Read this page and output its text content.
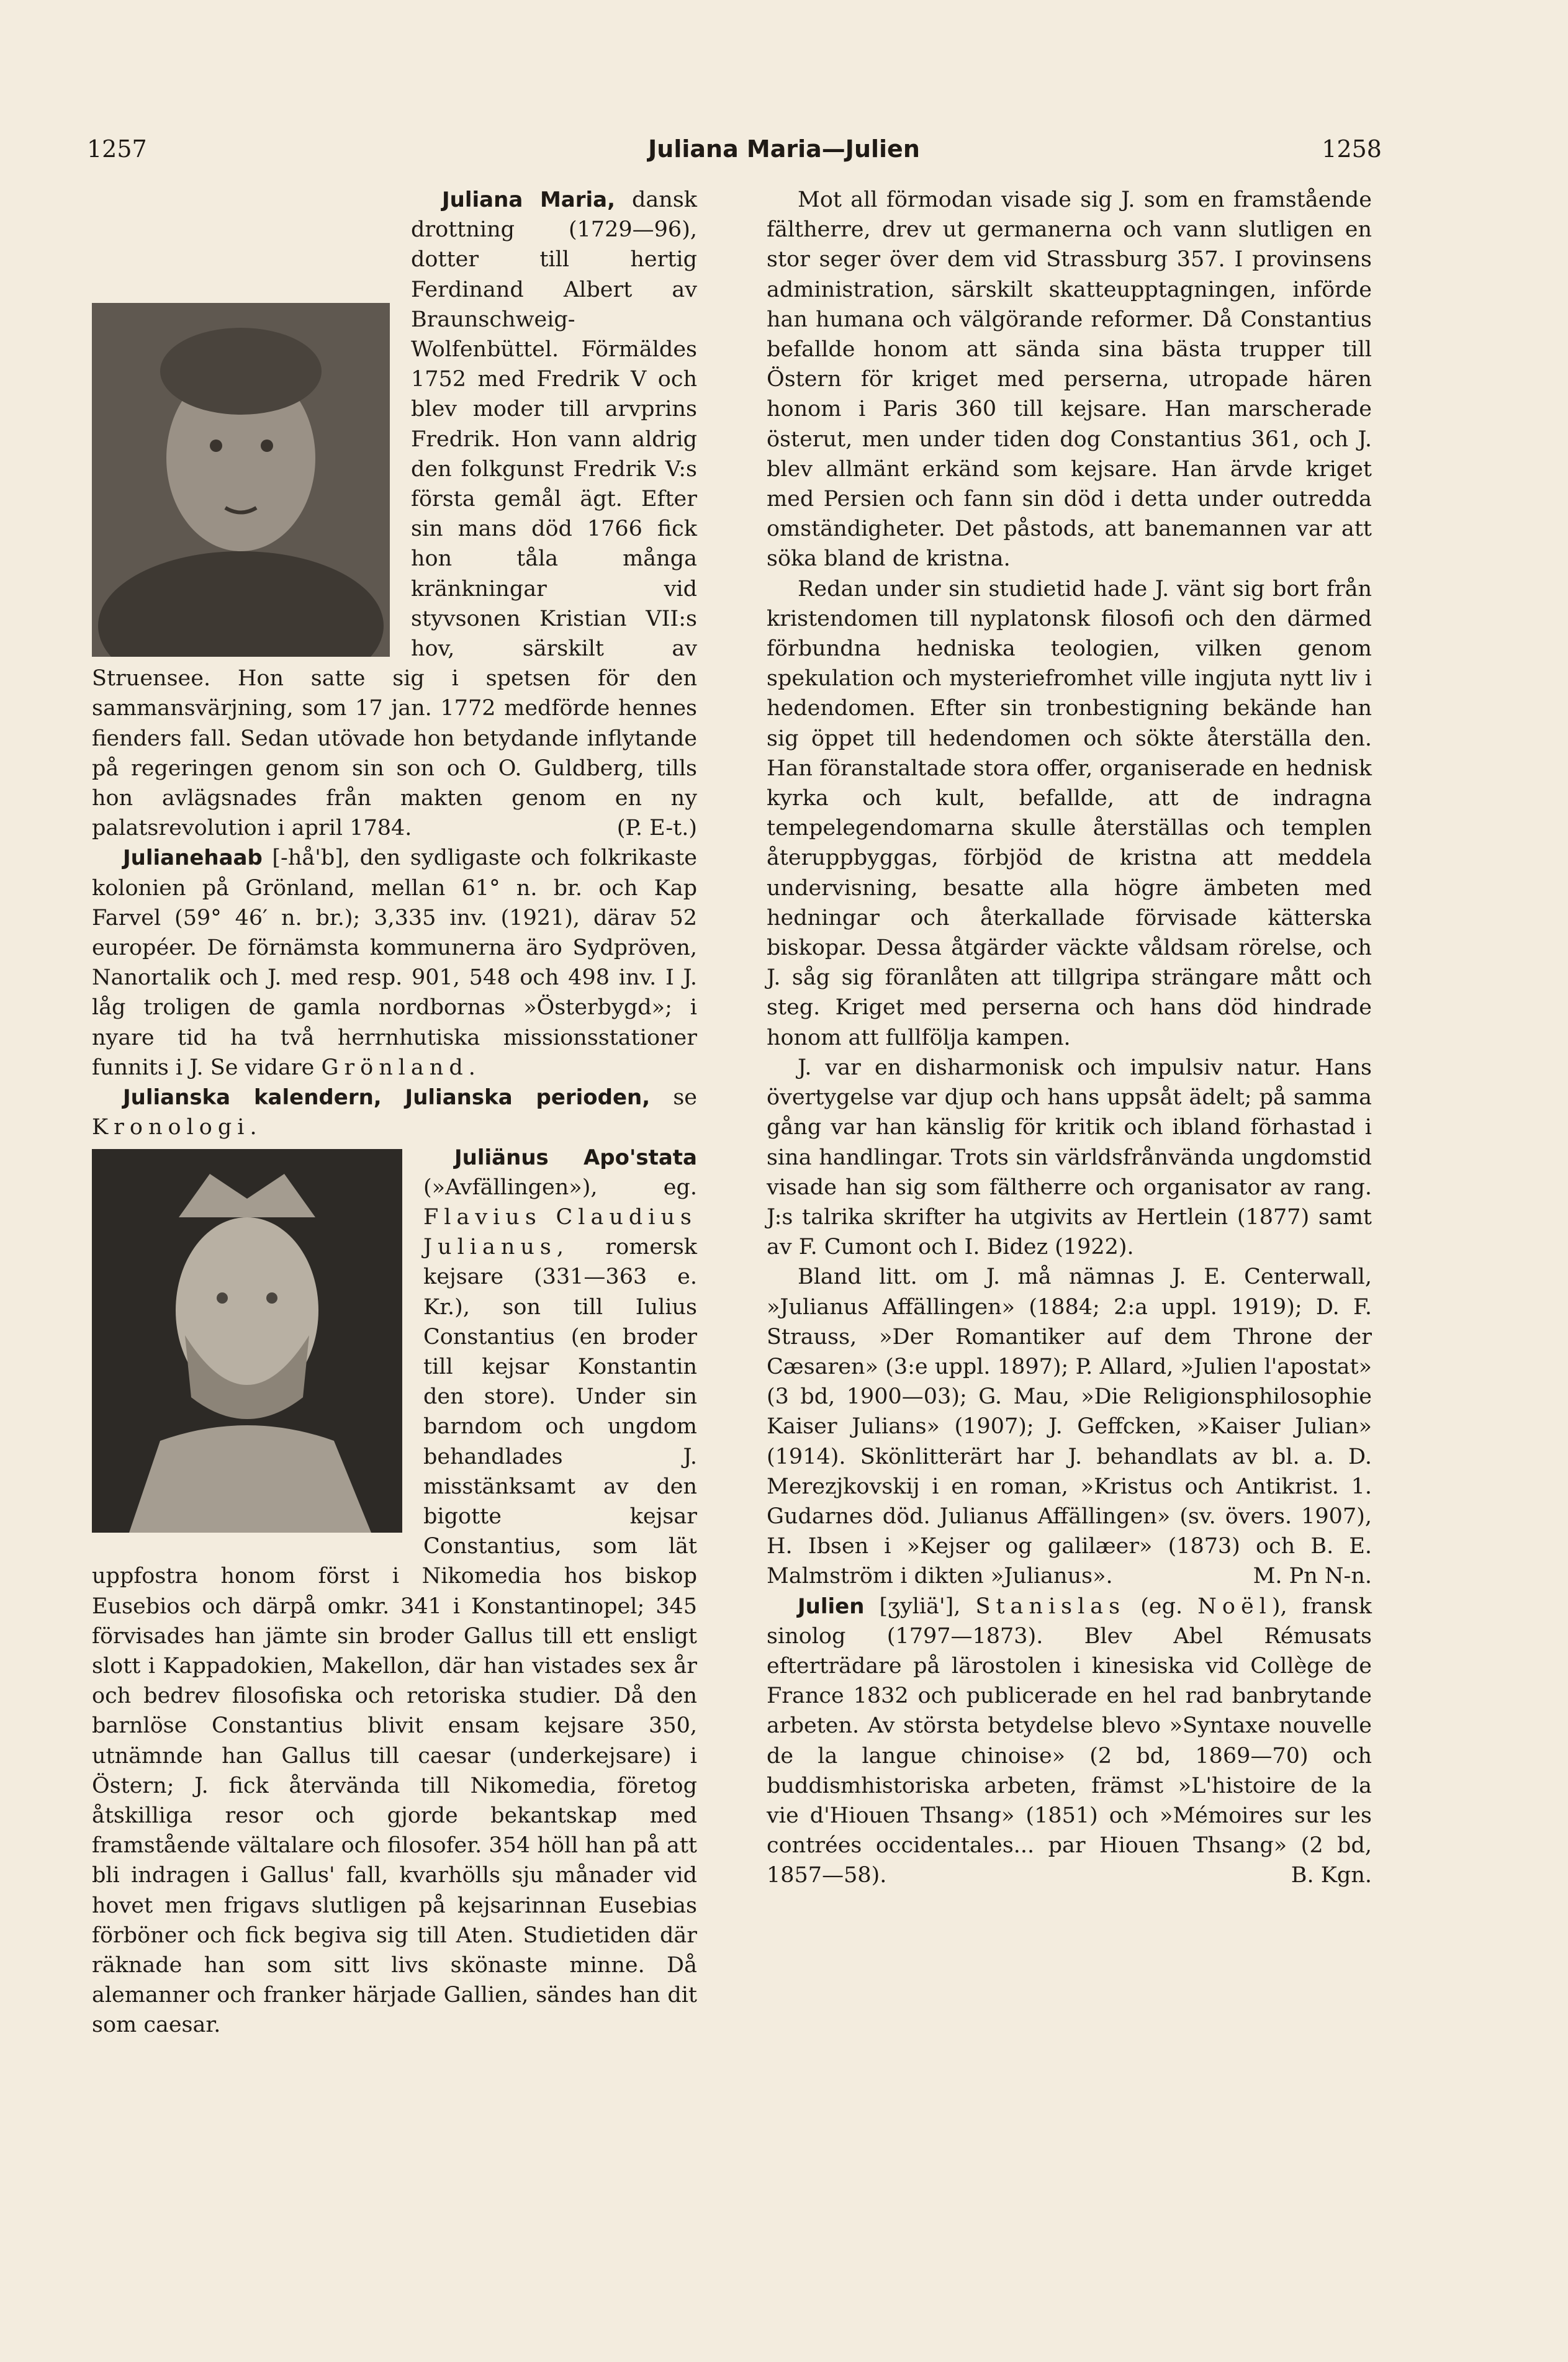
1257	Juliana Maria—Julien	1258

Juliana Maria, dansk drottning (1729—96), dotter till hertig Ferdinand Albert av Braunschweig-Wolfenbüttel. Förmäldes 1752 med Fredrik V och blev moder till arvprins Fredrik. Hon vann aldrig den folkgunst Fredrik V:s första gemål ägt. Efter sin mans död 1766 fick hon tåla många kränkningar vid styvsonen Kristian VII:s hov, särskilt av Struensee. Hon satte sig i spetsen för den sammansvärjning, som 17 jan. 1772 medförde hennes fienders fall. Sedan utövade hon betydande inflytande på regeringen genom sin son och O. Guldberg, tills hon avlägsnades från makten genom en ny palatsrevolution i april 1784.	(P. E-t.)

Julianehaab [-hå'b], den sydligaste och folkrikaste kolonien på Grönland, mellan 61° n. br. och Kap Farvel (59° 46′ n. br.); 3,335 inv. (1921), därav 52 européer. De förnämsta kommunerna äro Sydpröven, Nanortalik och J. med resp. 901, 548 och 498 inv. I J. låg troligen de gamla nordbornas »Österbygd»; i nyare tid ha två herrnhutiska missionsstationer funnits i J. Se vidare Grönland.

Julianska kalendern, Julianska perioden, se Kronologi.

Juliänus Apo'stata (»Avfällingen»), eg. Flavius Claudius Julianus, romersk kejsare (331—363 e. Kr.), son till Iulius Constantius (en broder till kejsar Konstantin den store). Under sin barndom och ungdom behandlades J. misstänksamt av den bigotte kejsar Constantius, som lät uppfostra honom först i Nikomedia hos biskop Eusebios och därpå omkr. 341 i Konstantinopel; 345 förvisades han jämte sin broder Gallus till ett ensligt slott i Kappadokien, Makellon, där han vistades sex år och bedrev filosofiska och retoriska studier. Då den barnlöse Constantius blivit ensam kejsare 350, utnämnde han Gallus till caesar (underkejsare) i Östern; J. fick återvända till Nikomedia, företog åtskilliga resor och gjorde bekantskap med framstående vältalare och filosofer. 354 höll han på att bli indragen i Gallus' fall, kvarhölls sju månader vid hovet men frigavs slutligen på kejsarinnan Eusebias förböner och fick begiva sig till Aten. Studietiden där räknade han som sitt livs skönaste minne. Då alemanner och franker härjade Gallien, sändes han dit som caesar.

Mot all förmodan visade sig J. som en framstående fältherre, drev ut germanerna och vann slutligen en stor seger över dem vid Strassburg 357. I provinsens administration, särskilt skatteupptagningen, införde han humana och välgörande reformer. Då Constantius befallde honom att sända sina bästa trupper till Östern för kriget med perserna, utropade hären honom i Paris 360 till kejsare. Han marscherade österut, men under tiden dog Constantius 361, och J. blev allmänt erkänd som kejsare. Han ärvde kriget med Persien och fann sin död i detta under outredda omständigheter. Det påstods, att banemannen var att söka bland de kristna.

Redan under sin studietid hade J. vänt sig bort från kristendomen till nyplatonsk filosofi och den därmed förbundna hedniska teologien, vilken genom spekulation och mysteriefromhet ville ingjuta nytt liv i hedendomen. Efter sin tronbestigning bekände han sig öppet till hedendomen och sökte återställa den. Han föranstaltade stora offer, organiserade en hednisk kyrka och kult, befallde, att de indragna tempelegendomarna skulle återställas och templen återuppbyggas, förbjöd de kristna att meddela undervisning, besatte alla högre ämbeten med hedningar och återkallade förvisade kätterska biskopar. Dessa åtgärder väckte våldsam rörelse, och J. såg sig föranlåten att tillgripa strängare mått och steg. Kriget med perserna och hans död hindrade honom att fullfölja kampen.

J. var en disharmonisk och impulsiv natur. Hans övertygelse var djup och hans uppsåt ädelt; på samma gång var han känslig för kritik och ibland förhastad i sina handlingar. Trots sin världsfrånvända ungdomstid visade han sig som fältherre och organisator av rang. J:s talrika skrifter ha utgivits av Hertlein (1877) samt av F. Cumont och I. Bidez (1922).

Bland litt. om J. må nämnas J. E. Centerwall, »Julianus Affällingen» (1884; 2:a uppl. 1919); D. F. Strauss, »Der Romantiker auf dem Throne der Cæsaren» (3:e uppl. 1897); P. Allard, »Julien l'apostat» (3 bd, 1900—03); G. Mau, »Die Religionsphilosophie Kaiser Julians» (1907); J. Geffcken, »Kaiser Julian» (1914). Skönlitterärt har J. behandlats av bl. a. D. Merezjkovskij i en roman, »Kristus och Antikrist. 1. Gudarnes död. Julianus Affällingen» (sv. övers. 1907), H. Ibsen i »Kejser og galilæer» (1873) och B. E. Malmström i dikten »Julianus».	M. Pn N-n.

Julien [ʒyliä'], Stanislas (eg. Noël), fransk sinolog (1797—1873). Blev Abel Rémusats efterträdare på lärostolen i kinesiska vid Collège de France 1832 och publicerade en hel rad banbrytande arbeten. Av största betydelse blevo »Syntaxe nouvelle de la langue chinoise» (2 bd, 1869—70) och buddismhistoriska arbeten, främst »L'histoire de la vie d'Hiouen Thsang» (1851) och »Mémoires sur les contrées occidentales... par Hiouen Thsang» (2 bd, 1857—58).	B. Kgn.
